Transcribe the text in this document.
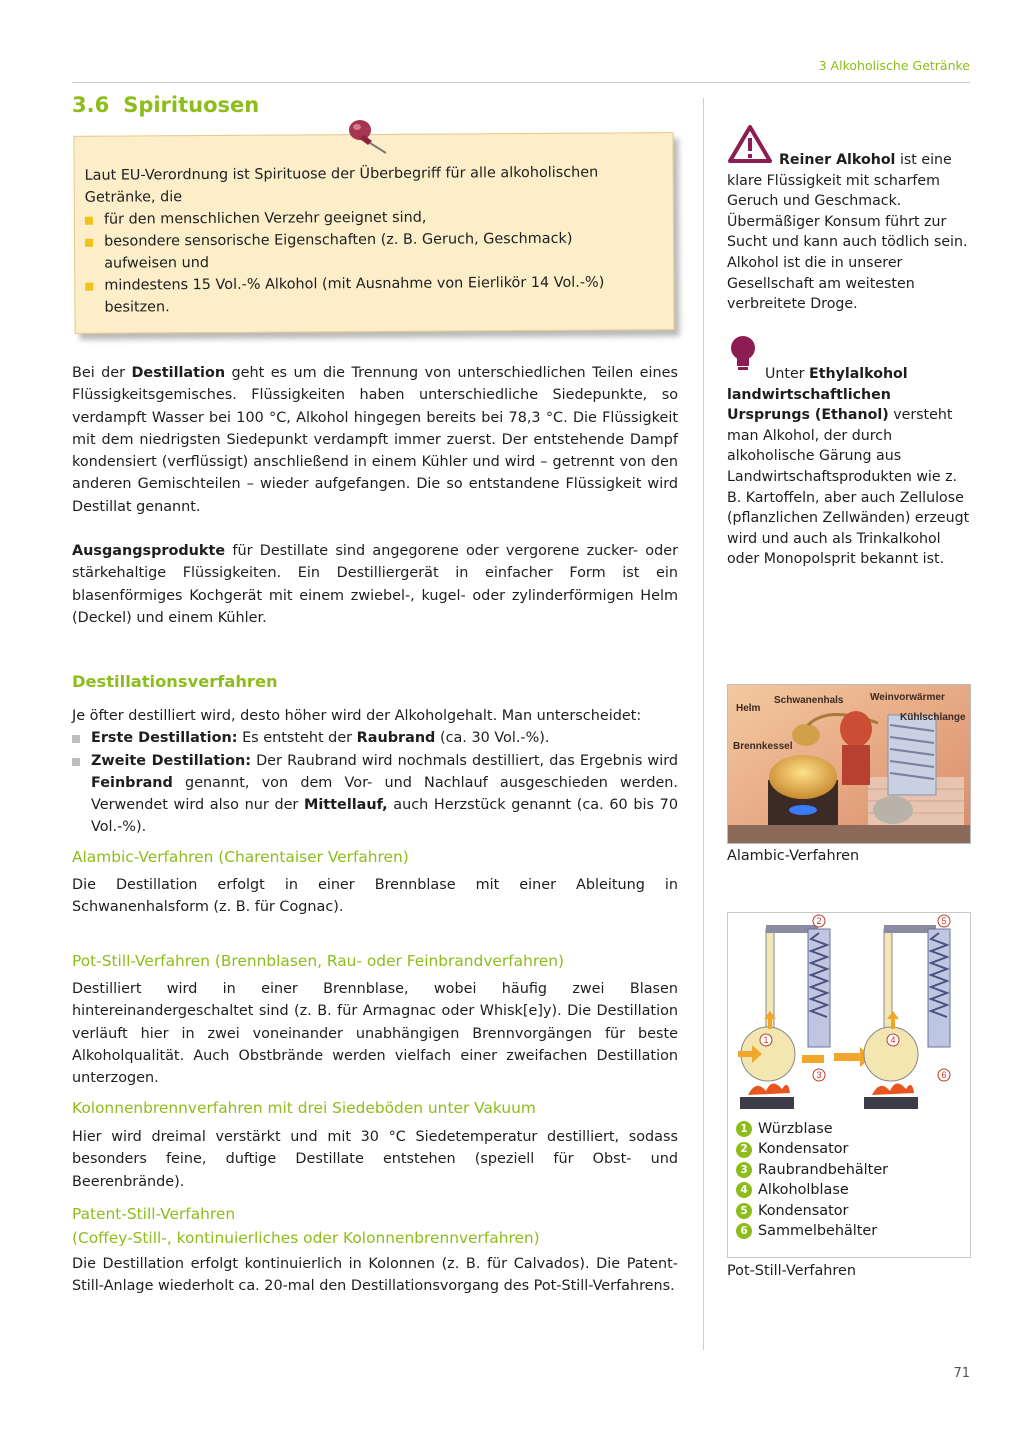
3 Alkoholische Getränke
3.6 Spirituosen
Laut EU-Verordnung ist Spirituose der Überbegriff für alle alkoholischen Getränke, die
für den menschlichen Verzehr geeignet sind,
besondere sensorische Eigenschaften (z. B. Geruch, Geschmack) aufweisen und
mindestens 15 Vol.-% Alkohol (mit Ausnahme von Eierlikör 14 Vol.-%) besitzen.
Bei der Destillation geht es um die Trennung von unterschiedlichen Teilen eines Flüssigkeitsgemisches. Flüssigkeiten haben unterschiedliche Siedepunkte, so verdampft Wasser bei 100 °C, Alkohol hingegen bereits bei 78,3 °C. Die Flüssigkeit mit dem niedrigsten Siedepunkt verdampft immer zuerst. Der entstehende Dampf kondensiert (verflüssigt) anschließend in einem Kühler und wird – getrennt von den anderen Gemischteilen – wieder aufgefangen. Die so entstandene Flüssigkeit wird Destillat genannt.
Ausgangsprodukte für Destillate sind angegorene oder vergorene zucker- oder stärkehaltige Flüssigkeiten. Ein Destilliergerät in einfacher Form ist ein blasenförmiges Kochgerät mit einem zwiebel-, kugel- oder zylinderförmigen Helm (Deckel) und einem Kühler.
Destillationsverfahren
Je öfter destilliert wird, desto höher wird der Alkoholgehalt. Man unterscheidet:
Erste Destillation: Es entsteht der Raubrand (ca. 30 Vol.-%).
Zweite Destillation: Der Raubrand wird nochmals destilliert, das Ergebnis wird Feinbrand genannt, von dem Vor- und Nachlauf ausgeschieden werden. Verwendet wird also nur der Mittellauf, auch Herzstück genannt (ca. 60 bis 70 Vol.-%).
Alambic-Verfahren (Charentaiser Verfahren)
Die Destillation erfolgt in einer Brennblase mit einer Ableitung in Schwanenhalsform (z. B. für Cognac).
Pot-Still-Verfahren (Brennblasen, Rau- oder Feinbrandverfahren)
Destilliert wird in einer Brennblase, wobei häufig zwei Blasen hintereinandergeschaltet sind (z. B. für Armagnac oder Whisk[e]y). Die Destillation verläuft hier in zwei voneinander unabhängigen Brennvorgängen für beste Alkoholqualität. Auch Obstbrände werden vielfach einer zweifachen Destillation unterzogen.
Kolonnenbrennverfahren mit drei Siedeböden unter Vakuum
Hier wird dreimal verstärkt und mit 30 °C Siedetemperatur destilliert, sodass besonders feine, duftige Destillate entstehen (speziell für Obst- und Beerenbrände).
Patent-Still-Verfahren
(Coffey-Still-, kontinuierliches oder Kolonnenbrennverfahren)
Die Destillation erfolgt kontinuierlich in Kolonnen (z. B. für Calvados). Die Patent-Still-Anlage wiederholt ca. 20-mal den Destillationsvorgang des Pot-Still-Verfahrens.
Reiner Alkohol ist eine klare Flüssigkeit mit scharfem Geruch und Geschmack. Übermäßiger Konsum führt zur Sucht und kann auch tödlich sein. Alkohol ist die in unserer Gesellschaft am weitesten verbreitete Droge.
Unter Ethylalkohol landwirtschaftlichen Ursprungs (Ethanol) versteht man Alkohol, der durch alkoholische Gärung aus Landwirtschaftsprodukten wie z. B. Kartoffeln, aber auch Zellulose (pflanzlichen Zellwänden) erzeugt wird und auch als Trinkalkohol oder Monopolsprit bekannt ist.
Helm
Schwanenhals	Weinvorwärmer
Kühlschlange
Brennkessel
Alambic-Verfahren
2	5
1	4
3	6
1 Würzblase
2 Kondensator
3 Raubrandbehälter
4 Alkoholblase
5 Kondensator
6 Sammelbehälter
Pot-Still-Verfahren
71
